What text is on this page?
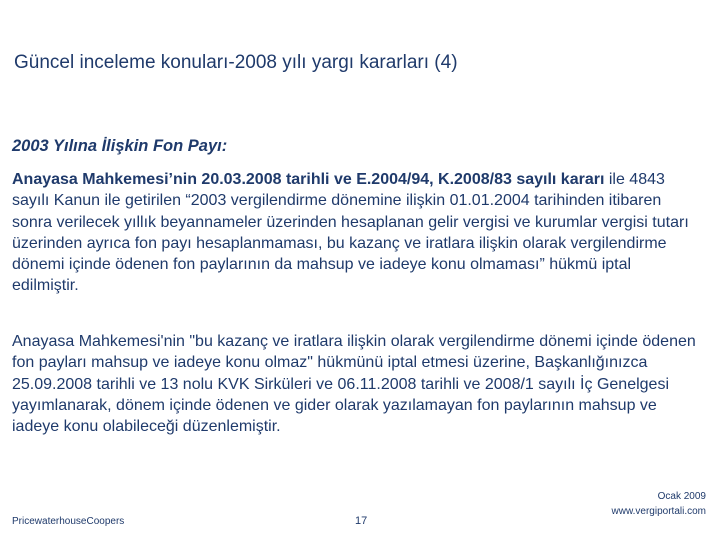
Güncel inceleme konuları-2008 yılı yargı kararları (4)
2003 Yılına İlişkin Fon Payı:
Anayasa Mahkemesi’nin 20.03.2008 tarihli ve E.2004/94, K.2008/83 sayılı kararı ile 4843 sayılı Kanun ile getirilen “2003 vergilendirme dönemine ilişkin 01.01.2004 tarihinden itibaren sonra verilecek yıllık beyannameler üzerinden hesaplanan gelir vergisi ve kurumlar vergisi tutarı üzerinden ayrıca fon payı hesaplanmaması, bu kazanç ve iratlara ilişkin olarak vergilendirme dönemi içinde ödenen fon paylarının da mahsup ve iadeye konu olmaması” hükmü iptal edilmiştir.
Anayasa Mahkemesi'nin "bu kazanç ve iratlara ilişkin olarak vergilendirme dönemi içinde ödenen fon payları mahsup ve iadeye konu olmaz" hükmünü iptal etmesi üzerine, Başkanlığınızca 25.09.2008 tarihli ve 13 nolu KVK Sirküleri ve 06.11.2008 tarihli ve 2008/1 sayılı İç Genelgesi yayımlanarak, dönem içinde ödenen ve gider olarak yazılamayan fon paylarının mahsup ve iadeye konu olabileceği düzenlemiştir.
PricewaterhouseCoopers	17
Ocak 2009
www.vergiportali.com
